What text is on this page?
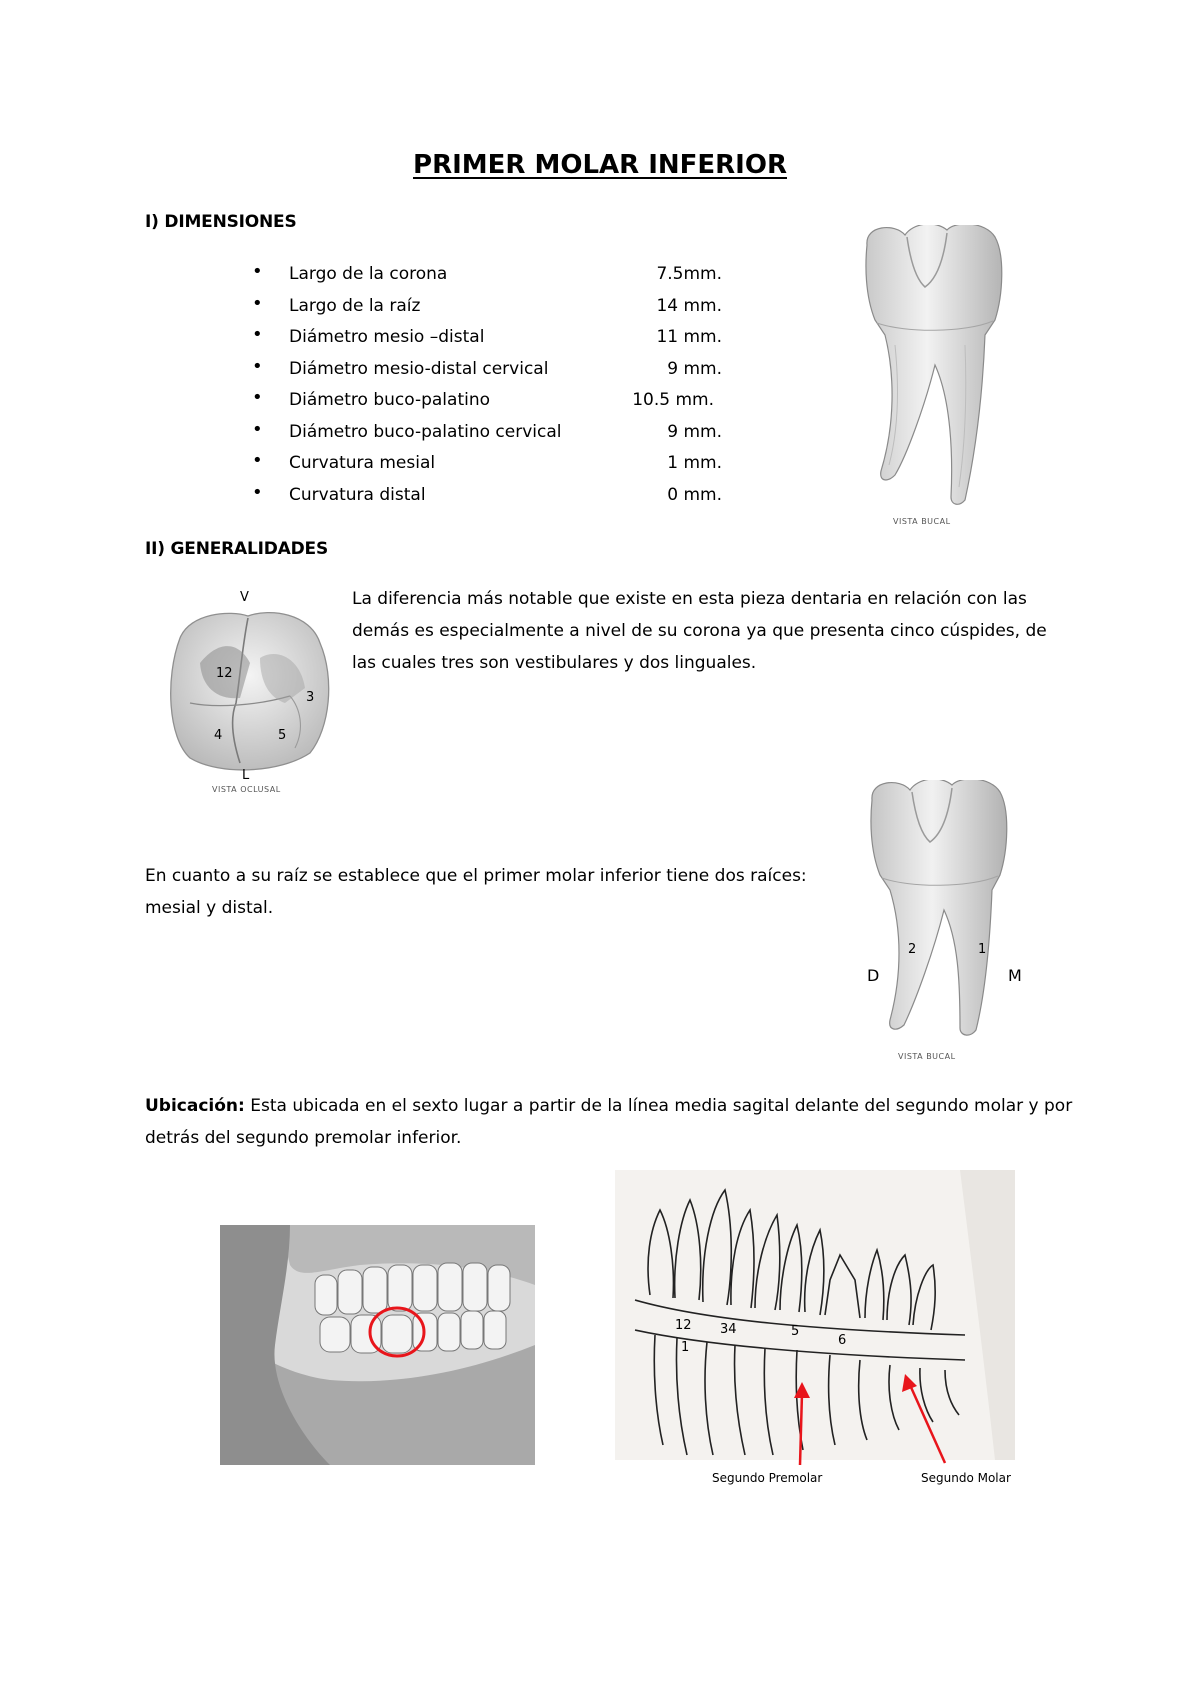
PRIMER MOLAR INFERIOR
I) DIMENSIONES
• Largo de la corona	7.5mm.
• Largo de la raíz	14 mm.
• Diámetro mesio –distal	11 mm.
• Diámetro mesio-distal cervical	9 mm.
• Diámetro buco-palatino	10.5 mm.
• Diámetro buco-palatino cervical	9 mm.
• Curvatura mesial	1 mm.
• Curvatura distal	0 mm.
VISTA BUCAL
II) GENERALIDADES
V
12
3
4	5
L
VISTA OCLUSAL
La diferencia más notable que existe en esta pieza dentaria en relación con las demás es especialmente a nivel de su corona ya que presenta cinco cúspides, de las cuales tres son vestibulares y dos linguales.
2	1
D	M
VISTA BUCAL
En cuanto a su raíz se establece que el primer molar inferior tiene dos raíces: mesial y distal.
Ubicación: Esta ubicada en el sexto lugar a partir de la línea media sagital delante del segundo molar y por detrás del segundo premolar inferior.
12
1
34	5
6
Segundo Premolar	Segundo Molar
